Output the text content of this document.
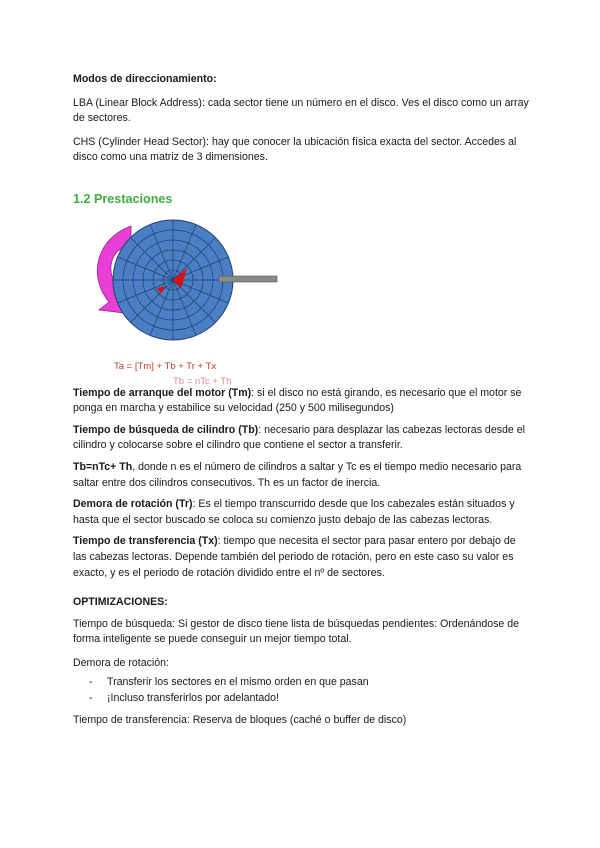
Modos de direccionamiento:

LBA (Linear Block Address): cada sector tiene un número en el disco. Ves el disco como un array de sectores.

CHS (Cylinder Head Sector): hay que conocer la ubicación física exacta del sector. Accedes al disco como una matriz de 3 dimensiones.

1.2 Prestaciones
Ta = [Tm] + Tb + Tr + Tx
Tb = nTc + Th

Tiempo de arranque del motor (Tm): si el disco no está girando, es necesario que el motor se ponga en marcha y estabilice su velocidad (250 y 500 milisegundos)

Tiempo de búsqueda de cilindro (Tb): necesario para desplazar las cabezas lectoras desde el cilindro y colocarse sobre el cilindro que contiene el sector a transferir.

Tb=nTc+ Th, donde n es el número de cilindros a saltar y Tc es el tiempo medio necesario para saltar entre dos cilindros consecutivos. Th es un factor de inercia.

Demora de rotación (Tr): Es el tiempo transcurrido desde que los cabezales están situados y hasta que el sector buscado se coloca su comienzo justo debajo de las cabezas lectoras.

Tiempo de transferencia (Tx): tiempo que necesita el sector para pasar entero por debajo de las cabezas lectoras. Depende también del periodo de rotación, pero en este caso su valor es exacto, y es el periodo de rotación dividido entre el nº de sectores.

OPTIMIZACIONES:

Tiempo de búsqueda: Si gestor de disco tiene lista de búsquedas pendientes: Ordenándose de forma inteligente se puede conseguir un mejor tiempo total.

Demora de rotación:

- Transferir los sectores en el mismo orden en que pasan
- ¡Incluso transferirlos por adelantado!

Tiempo de transferencia: Reserva de bloques (caché o buffer de disco)
